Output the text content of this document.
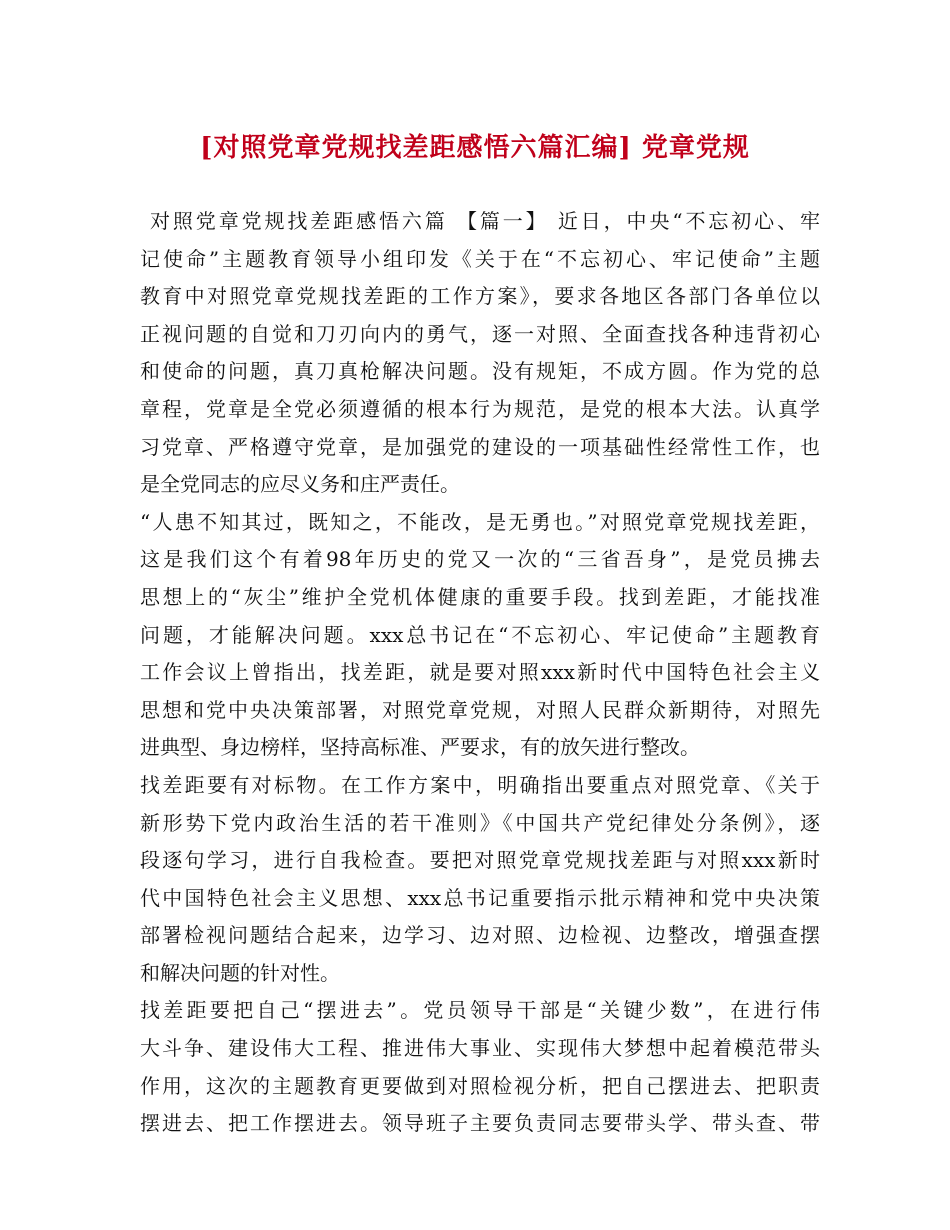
[对照党章党规找差距感悟六篇汇编] 党章党规
对照党章党规找差距感悟六篇 【篇一】 近日，中央“不忘初心、牢
记使命”主题教育领导小组印发《关于在“不忘初心、牢记使命”主题
教育中对照党章党规找差距的工作方案》，要求各地区各部门各单位以
正视问题的自觉和刀刃向内的勇气，逐一对照、全面查找各种违背初心
和使命的问题，真刀真枪解决问题。没有规矩，不成方圆。作为党的总
章程，党章是全党必须遵循的根本行为规范，是党的根本大法。认真学
习党章、严格遵守党章，是加强党的建设的一项基础性经常性工作，也
是全党同志的应尽义务和庄严责任。
“人患不知其过，既知之，不能改，是无勇也。”对照党章党规找差距，
这是我们这个有着98年历史的党又一次的“三省吾身”，是党员拂去
思想上的“灰尘”维护全党机体健康的重要手段。找到差距，才能找准
问题，才能解决问题。xxx总书记在“不忘初心、牢记使命”主题教育
工作会议上曾指出，找差距，就是要对照xxx新时代中国特色社会主义
思想和党中央决策部署，对照党章党规，对照人民群众新期待，对照先
进典型、身边榜样，坚持高标准、严要求，有的放矢进行整改。
找差距要有对标物。在工作方案中，明确指出要重点对照党章、《关于
新形势下党内政治生活的若干准则》《中国共产党纪律处分条例》，逐
段逐句学习，进行自我检查。要把对照党章党规找差距与对照xxx新时
代中国特色社会主义思想、xxx总书记重要指示批示精神和党中央决策
部署检视问题结合起来，边学习、边对照、边检视、边整改，增强查摆
和解决问题的针对性。
找差距要把自己“摆进去”。党员领导干部是“关键少数”，在进行伟
大斗争、建设伟大工程、推进伟大事业、实现伟大梦想中起着模范带头
作用，这次的主题教育更要做到对照检视分析，把自己摆进去、把职责
摆进去、把工作摆进去。领导班子主要负责同志要带头学、带头查、带
